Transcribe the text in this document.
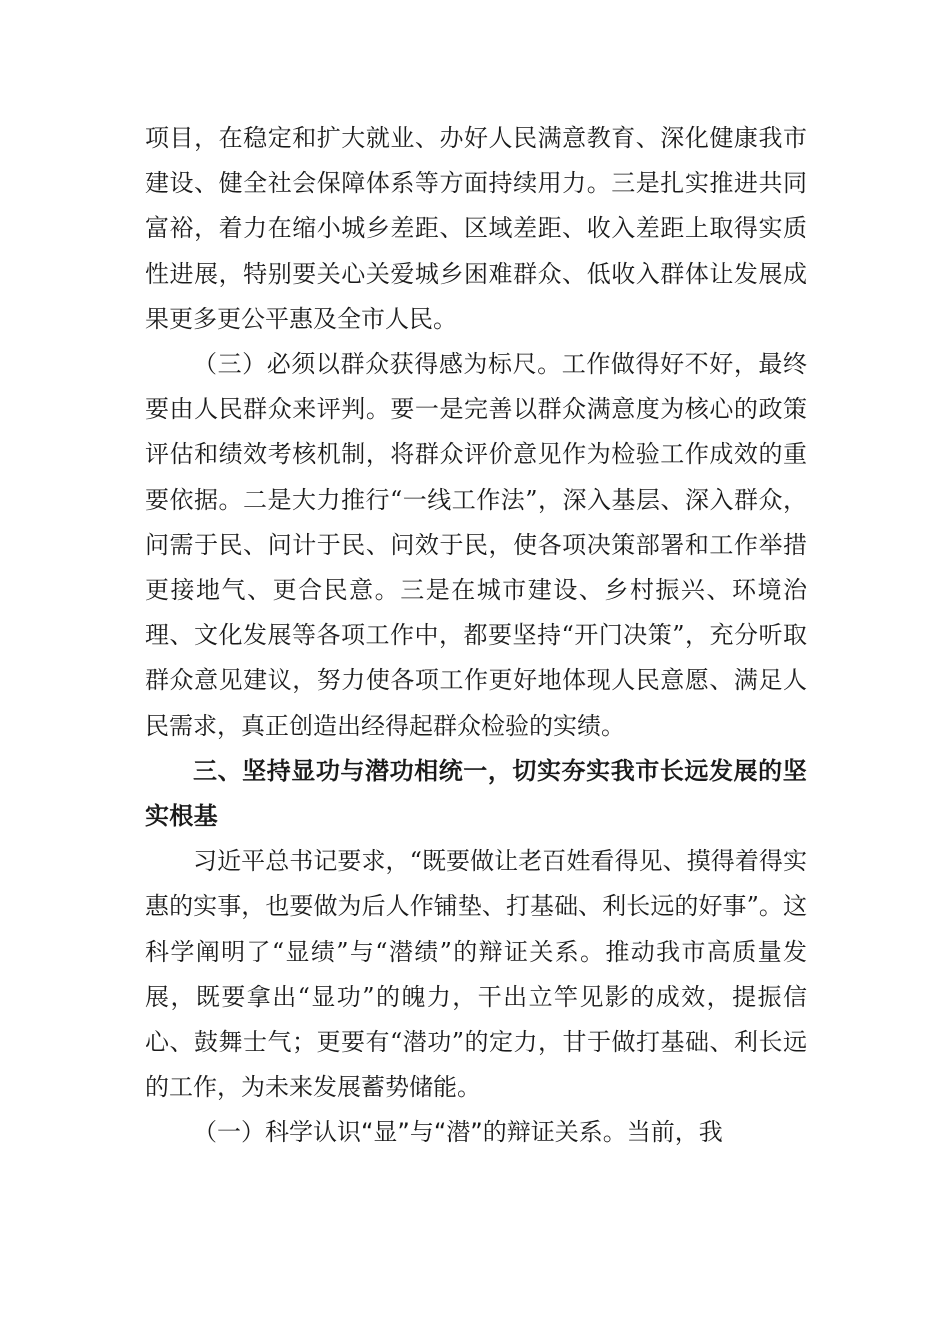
项目，在稳定和扩大就业、办好人民满意教育、深化健康我市建设、健全社会保障体系等方面持续用力。三是扎实推进共同富裕，着力在缩小城乡差距、区域差距、收入差距上取得实质性进展，特别要关心关爱城乡困难群众、低收入群体让发展成果更多更公平惠及全市人民。

（三）必须以群众获得感为标尺。工作做得好不好，最终要由人民群众来评判。要一是完善以群众满意度为核心的政策评估和绩效考核机制，将群众评价意见作为检验工作成效的重要依据。二是大力推行“一线工作法”，深入基层、深入群众，问需于民、问计于民、问效于民，使各项决策部署和工作举措更接地气、更合民意。三是在城市建设、乡村振兴、环境治理、文化发展等各项工作中，都要坚持“开门决策”，充分听取群众意见建议，努力使各项工作更好地体现人民意愿、满足人民需求，真正创造出经得起群众检验的实绩。

三、坚持显功与潜功相统一，切实夯实我市长远发展的坚实根基

习近平总书记要求，“既要做让老百姓看得见、摸得着得实惠的实事，也要做为后人作铺垫、打基础、利长远的好事”。这科学阐明了“显绩”与“潜绩”的辩证关系。推动我市高质量发展，既要拿出“显功”的魄力，干出立竿见影的成效，提振信心、鼓舞士气；更要有“潜功”的定力，甘于做打基础、利长远的工作，为未来发展蓄势储能。

（一）科学认识“显”与“潜”的辩证关系。当前，我
